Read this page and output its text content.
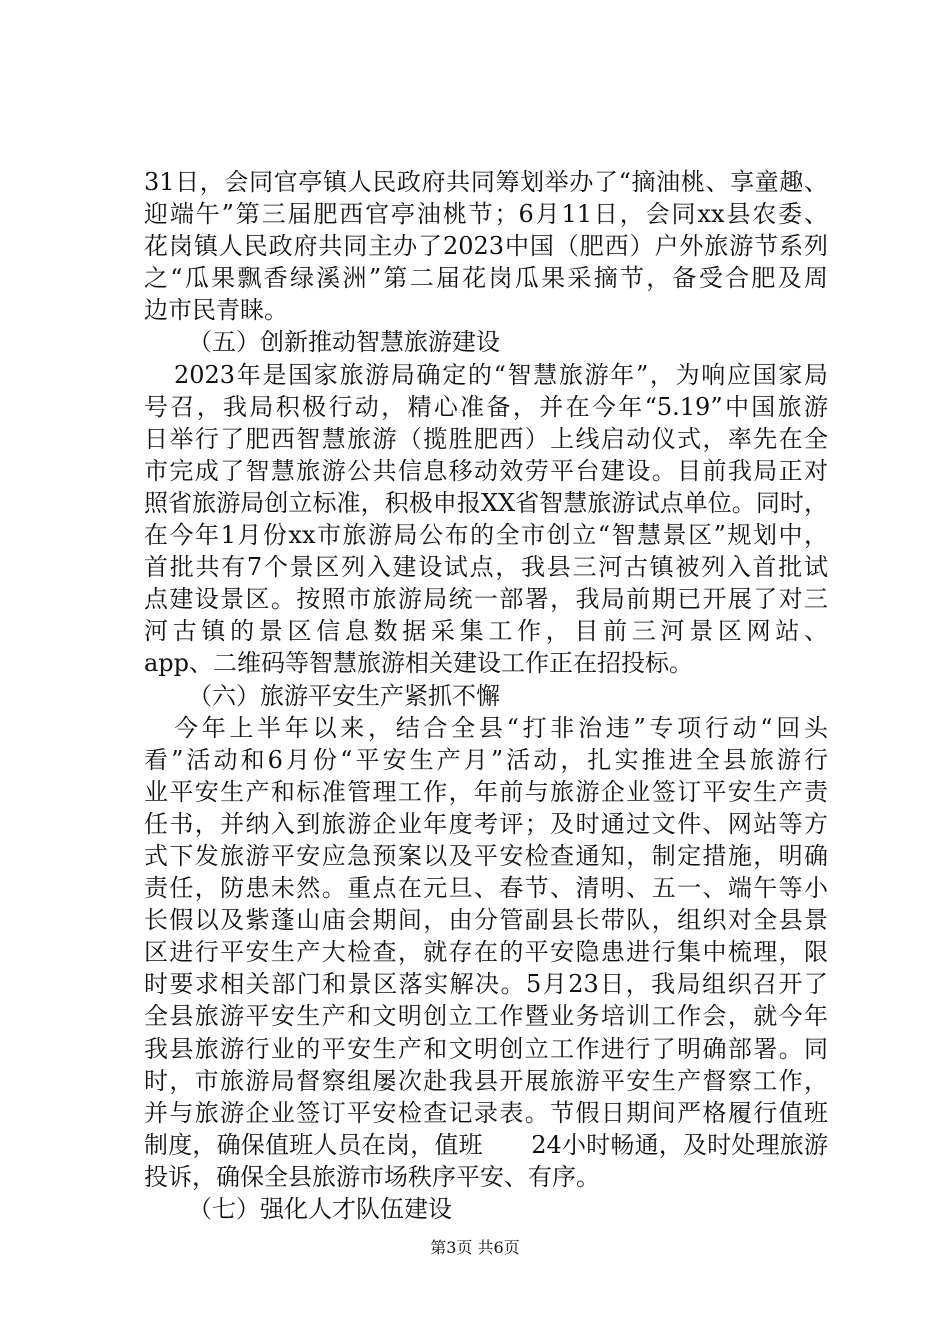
31日，会同官亭镇人民政府共同筹划举办了“摘油桃、享童趣、
迎端午”第三届肥西官亭油桃节；6月11日，会同xx县农委、
花岗镇人民政府共同主办了2023中国（肥西）户外旅游节系列
之“瓜果飘香绿溪洲”第二届花岗瓜果采摘节，备受合肥及周
边市民青睐。
（五）创新推动智慧旅游建设
2023年是国家旅游局确定的“智慧旅游年”，为响应国家局
号召，我局积极行动，精心准备，并在今年“5.19”中国旅游
日举行了肥西智慧旅游（揽胜肥西）上线启动仪式，率先在全
市完成了智慧旅游公共信息移动效劳平台建设。目前我局正对
照省旅游局创立标准，积极申报XX省智慧旅游试点单位。同时，
在今年1月份xx市旅游局公布的全市创立“智慧景区”规划中，
首批共有7个景区列入建设试点，我县三河古镇被列入首批试
点建设景区。按照市旅游局统一部署，我局前期已开展了对三
河古镇的景区信息数据采集工作，目前三河景区网站、
app、二维码等智慧旅游相关建设工作正在招投标。
（六）旅游平安生产紧抓不懈
今年上半年以来，结合全县“打非治违”专项行动“回头
看”活动和6月份“平安生产月”活动，扎实推进全县旅游行
业平安生产和标准管理工作，年前与旅游企业签订平安生产责
任书，并纳入到旅游企业年度考评；及时通过文件、网站等方
式下发旅游平安应急预案以及平安检查通知，制定措施，明确
责任，防患未然。重点在元旦、春节、清明、五一、端午等小
长假以及紫蓬山庙会期间，由分管副县长带队，组织对全县景
区进行平安生产大检查，就存在的平安隐患进行集中梳理，限
时要求相关部门和景区落实解决。5月23日，我局组织召开了
全县旅游平安生产和文明创立工作暨业务培训工作会，就今年
我县旅游行业的平安生产和文明创立工作进行了明确部署。同
时，市旅游局督察组屡次赴我县开展旅游平安生产督察工作，
并与旅游企业签订平安检查记录表。节假日期间严格履行值班
制度，确保值班人员在岗，值班　　24小时畅通，及时处理旅游
投诉，确保全县旅游市场秩序平安、有序。
（七）强化人才队伍建设
第3页 共6页
